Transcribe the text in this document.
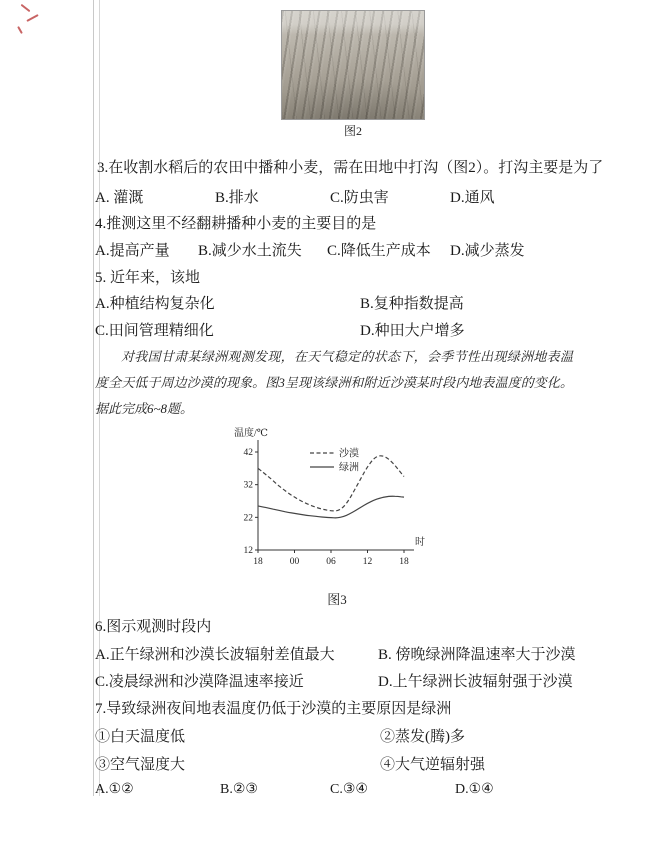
图2
3.在收割水稻后的农田中播种小麦，需在田地中打沟（图2）。打沟主要是为了
A. 灌溉	B.排水	C.防虫害	D.通风
4.推测这里不经翻耕播种小麦的主要目的是
A.提高产量 B.减少水土流失 C.降低生产成本 D.减少蒸发
5. 近年来，该地
A.种植结构复杂化	B.复种指数提高
C.田间管理精细化	D.种田大户增多
对我国甘肃某绿洲观测发现，在天气稳定的状态下，会季节性出现绿洲地表温度全天低于周边沙漠的现象。图3呈现该绿洲和附近沙漠某时段内地表温度的变化。据此完成6~8题。
42
32
22
12
18	00	06	12	18
温度/℃
时
沙漠
绿洲
图3
6.图示观测时段内
A.正午绿洲和沙漠长波辐射差值最大	B. 傍晚绿洲降温速率大于沙漠
C.凌晨绿洲和沙漠降温速率接近	D.上午绿洲长波辐射强于沙漠
7.导致绿洲夜间地表温度仍低于沙漠的主要原因是绿洲
①白天温度低	②蒸发(腾)多
③空气湿度大	④大气逆辐射强
A.①②	B.②③	C.③④	D.①④
